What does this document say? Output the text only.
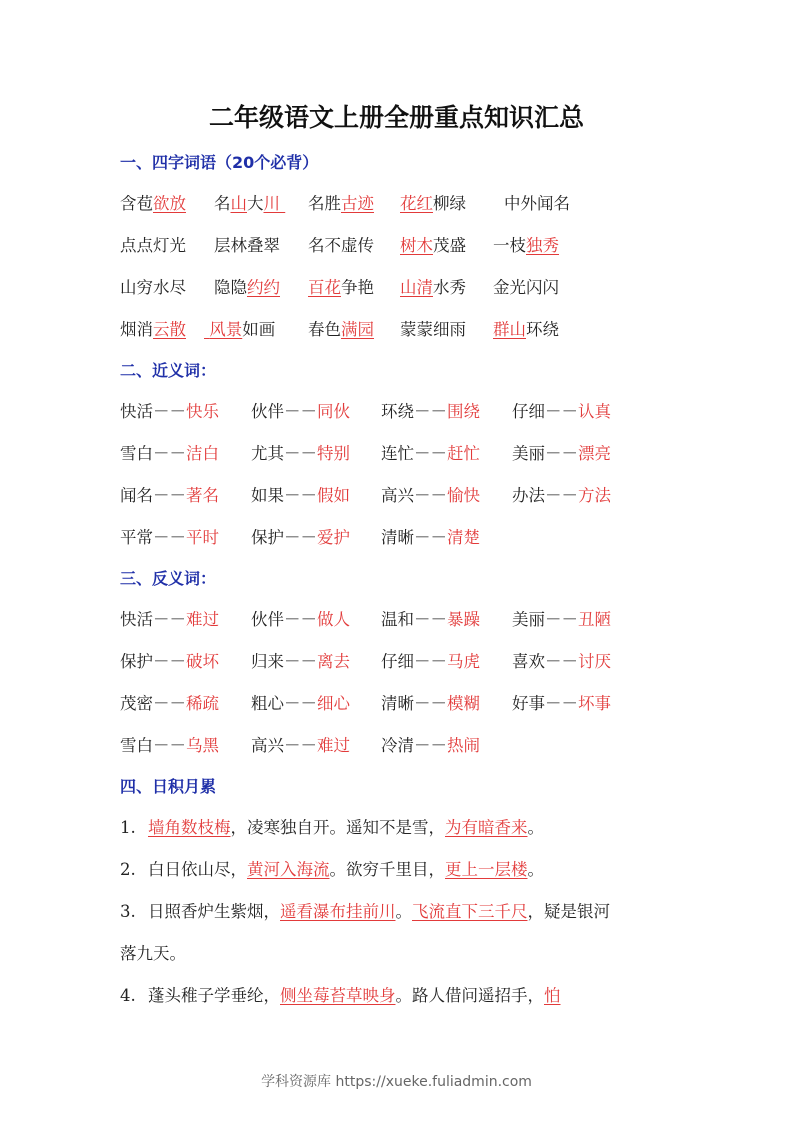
二年级语文上册全册重点知识汇总
一、四字词语（20个必背）
含苞欲放 名山大川	名胜古迹 花红柳绿 中外闻名
点点灯光 层林叠翠 名不虚传 树木茂盛 一枝独秀
山穷水尽 隐隐约约 百花争艳 山清水秀 金光闪闪
烟消云散	风景如画 春色满园 蒙蒙细雨 群山环绕
二、近义词：
快活－－快乐 伙伴－－同伙 环绕－－围绕 仔细－－认真
雪白－－洁白 尤其－－特别 连忙－－赶忙 美丽－－漂亮
闻名－－著名 如果－－假如 高兴－－愉快 办法－－方法
平常－－平时 保护－－爱护 清晰－－清楚
三、反义词：
快活－－难过 伙伴－－做人 温和－－暴躁 美丽－－丑陋
保护－－破坏 归来－－离去 仔细－－马虎 喜欢－－讨厌
茂密－－稀疏 粗心－－细心 清晰－－模糊 好事－－坏事
雪白－－乌黑 高兴－－难过 冷清－－热闹
四、日积月累
1. 墙角数枝梅，凌寒独自开。遥知不是雪，为有暗香来。
2. 白日依山尽，黄河入海流。欲穷千里目，更上一层楼。
3. 日照香炉生紫烟，遥看瀑布挂前川。飞流直下三千尺，疑是银河
落九天。
4. 蓬头稚子学垂纶，侧坐莓苔草映身。路人借问遥招手，怕
学科资源库 https://xueke.fuliadmin.com
